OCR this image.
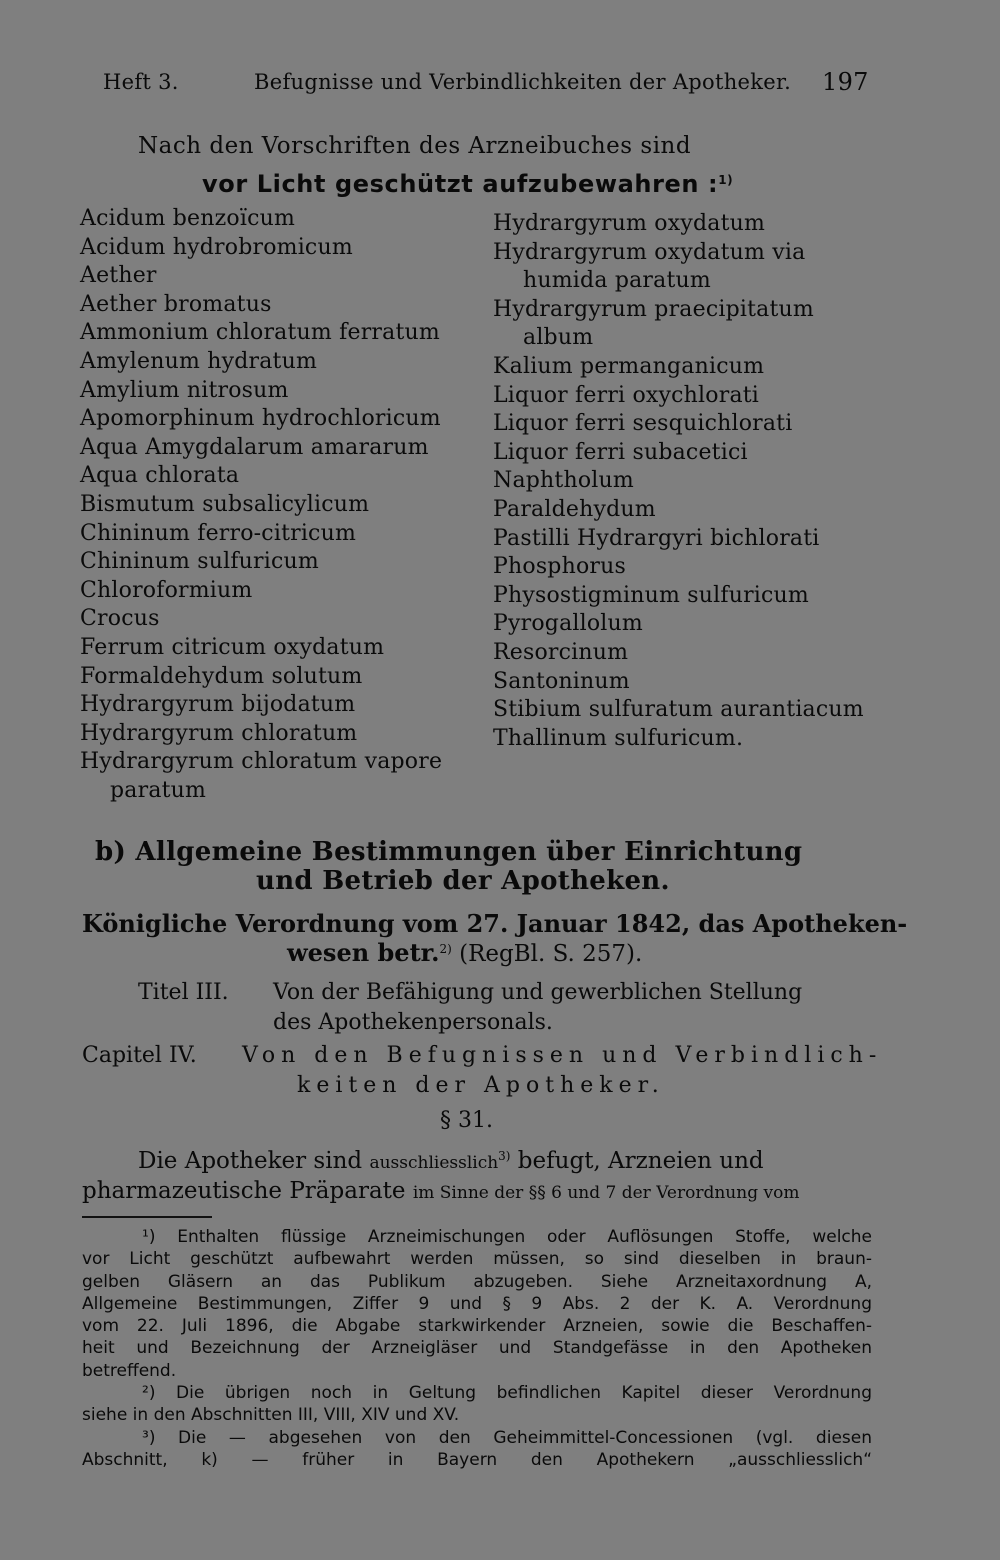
Heft 3.	Befugnisse und Verbindlichkeiten der Apotheker. 197
Nach den Vorschriften des Arzneibuches sind
vor Licht geschützt aufzubewahren :$^{1)}$
Acidum benzoïcum
Acidum hydrobromicum
Aether
Aether bromatus
Ammonium chloratum ferratum
Amylenum hydratum
Amylium nitrosum
Apomorphinum hydrochloricum
Aqua Amygdalarum amararum
Aqua chlorata
Bismutum subsalicylicum
Chininum ferro-citricum
Chininum sulfuricum
Chloroformium
Crocus
Ferrum citricum oxydatum
Formaldehydum solutum
Hydrargyrum bijodatum
Hydrargyrum chloratum
Hydrargyrum chloratum vapore
paratum
Hydrargyrum oxydatum
Hydrargyrum oxydatum via
humida paratum
Hydrargyrum praecipitatum
album
Kalium permanganicum
Liquor ferri oxychlorati
Liquor ferri sesquichlorati
Liquor ferri subacetici
Naphtholum
Paraldehydum
Pastilli Hydrargyri bichlorati
Phosphorus
Physostigminum sulfuricum
Pyrogallolum
Resorcinum
Santoninum
Stibium sulfuratum aurantiacum
Thallinum sulfuricum.
b) Allgemeine Bestimmungen über Einrichtung
und Betrieb der Apotheken.
Königliche Verordnung vom 27. Januar 1842, das Apotheken-
wesen betr.$^{2)}$ (RegBl. S. 257).
Titel III. Von der Befähigung und gewerblichen Stellung
des Apothekenpersonals.
Capitel IV. Von den Befugnissen und Verbindlich-
keiten der Apotheker.
§ 31.
Die Apotheker sind ausschliesslich$^{3)}$ befugt, Arzneien und
pharmazeutische Präparate im Sinne der §§ 6 und 7 der Verordnung vom
¹) Enthalten flüssige Arzneimischungen oder Auflösungen Stoffe, welche
vor Licht geschützt aufbewahrt werden müssen, so sind dieselben in braun-
gelben Gläsern an das Publikum abzugeben. Siehe Arzneitaxordnung A,
Allgemeine Bestimmungen, Ziffer 9 und § 9 Abs. 2 der K. A. Verordnung
vom 22. Juli 1896, die Abgabe starkwirkender Arzneien, sowie die Beschaffen-
heit und Bezeichnung der Arzneigläser und Standgefässe in den Apotheken
betreffend.
²) Die übrigen noch in Geltung befindlichen Kapitel dieser Verordnung
siehe in den Abschnitten III, VIII, XIV und XV.
³) Die — abgesehen von den Geheimmittel-Concessionen (vgl. diesen
Abschnitt, k) — früher in Bayern den Apothekern „ausschliesslich“
